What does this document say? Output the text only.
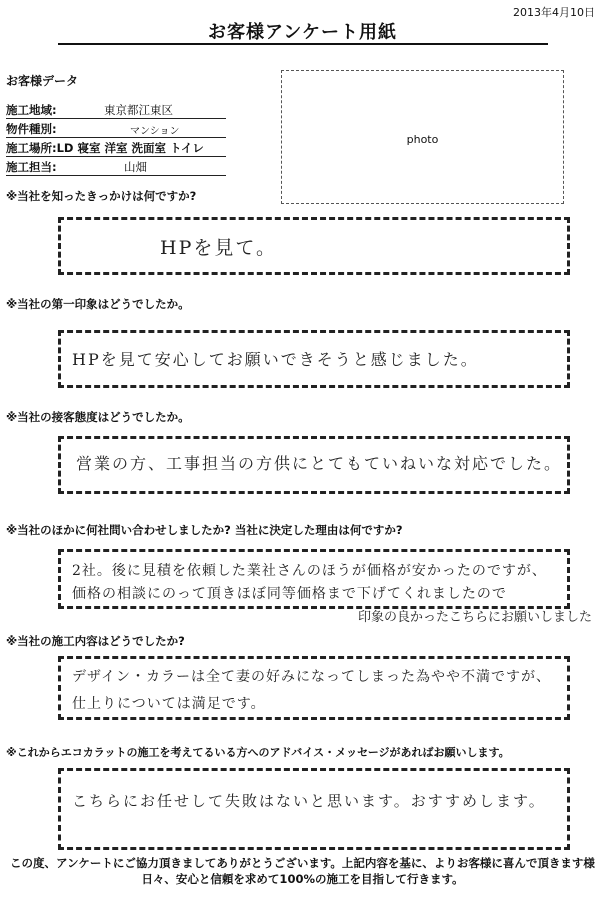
2013年4月10日
お客様アンケート用紙
お客様データ
施工地域:	東京都江東区
物件種別:	マンション
施工場所:LD 寝室 洋室 洗面室 トイレ
施工担当:	山畑
photo
※当社を知ったきっかけは何ですか?
HPを見て。
※当社の第一印象はどうでしたか。
HPを見て安心してお願いできそうと感じました。
※当社の接客態度はどうでしたか。
営業の方、工事担当の方供にとてもていねいな対応でした。
※当社のほかに何社問い合わせしましたか? 当社に決定した理由は何ですか?
2社。後に見積を依頼した業社さんのほうが価格が安かったのですが、
価格の相談にのって頂きほぼ同等価格まで下げてくれましたので
印象の良かったこちらにお願いしました
※当社の施工内容はどうでしたか?
デザイン・カラーは全て妻の好みになってしまった為やや不満ですが、
仕上りについては満足です。
※これからエコカラットの施工を考えてるいる方へのアドバイス・メッセージがあればお願いします。
こちらにお任せして失敗はないと思います。おすすめします。
この度、アンケートにご協力頂きましてありがとうございます。上記内容を基に、よりお客様に喜んで頂きます様
日々、安心と信頼を求めて100%の施工を目指して行きます。
